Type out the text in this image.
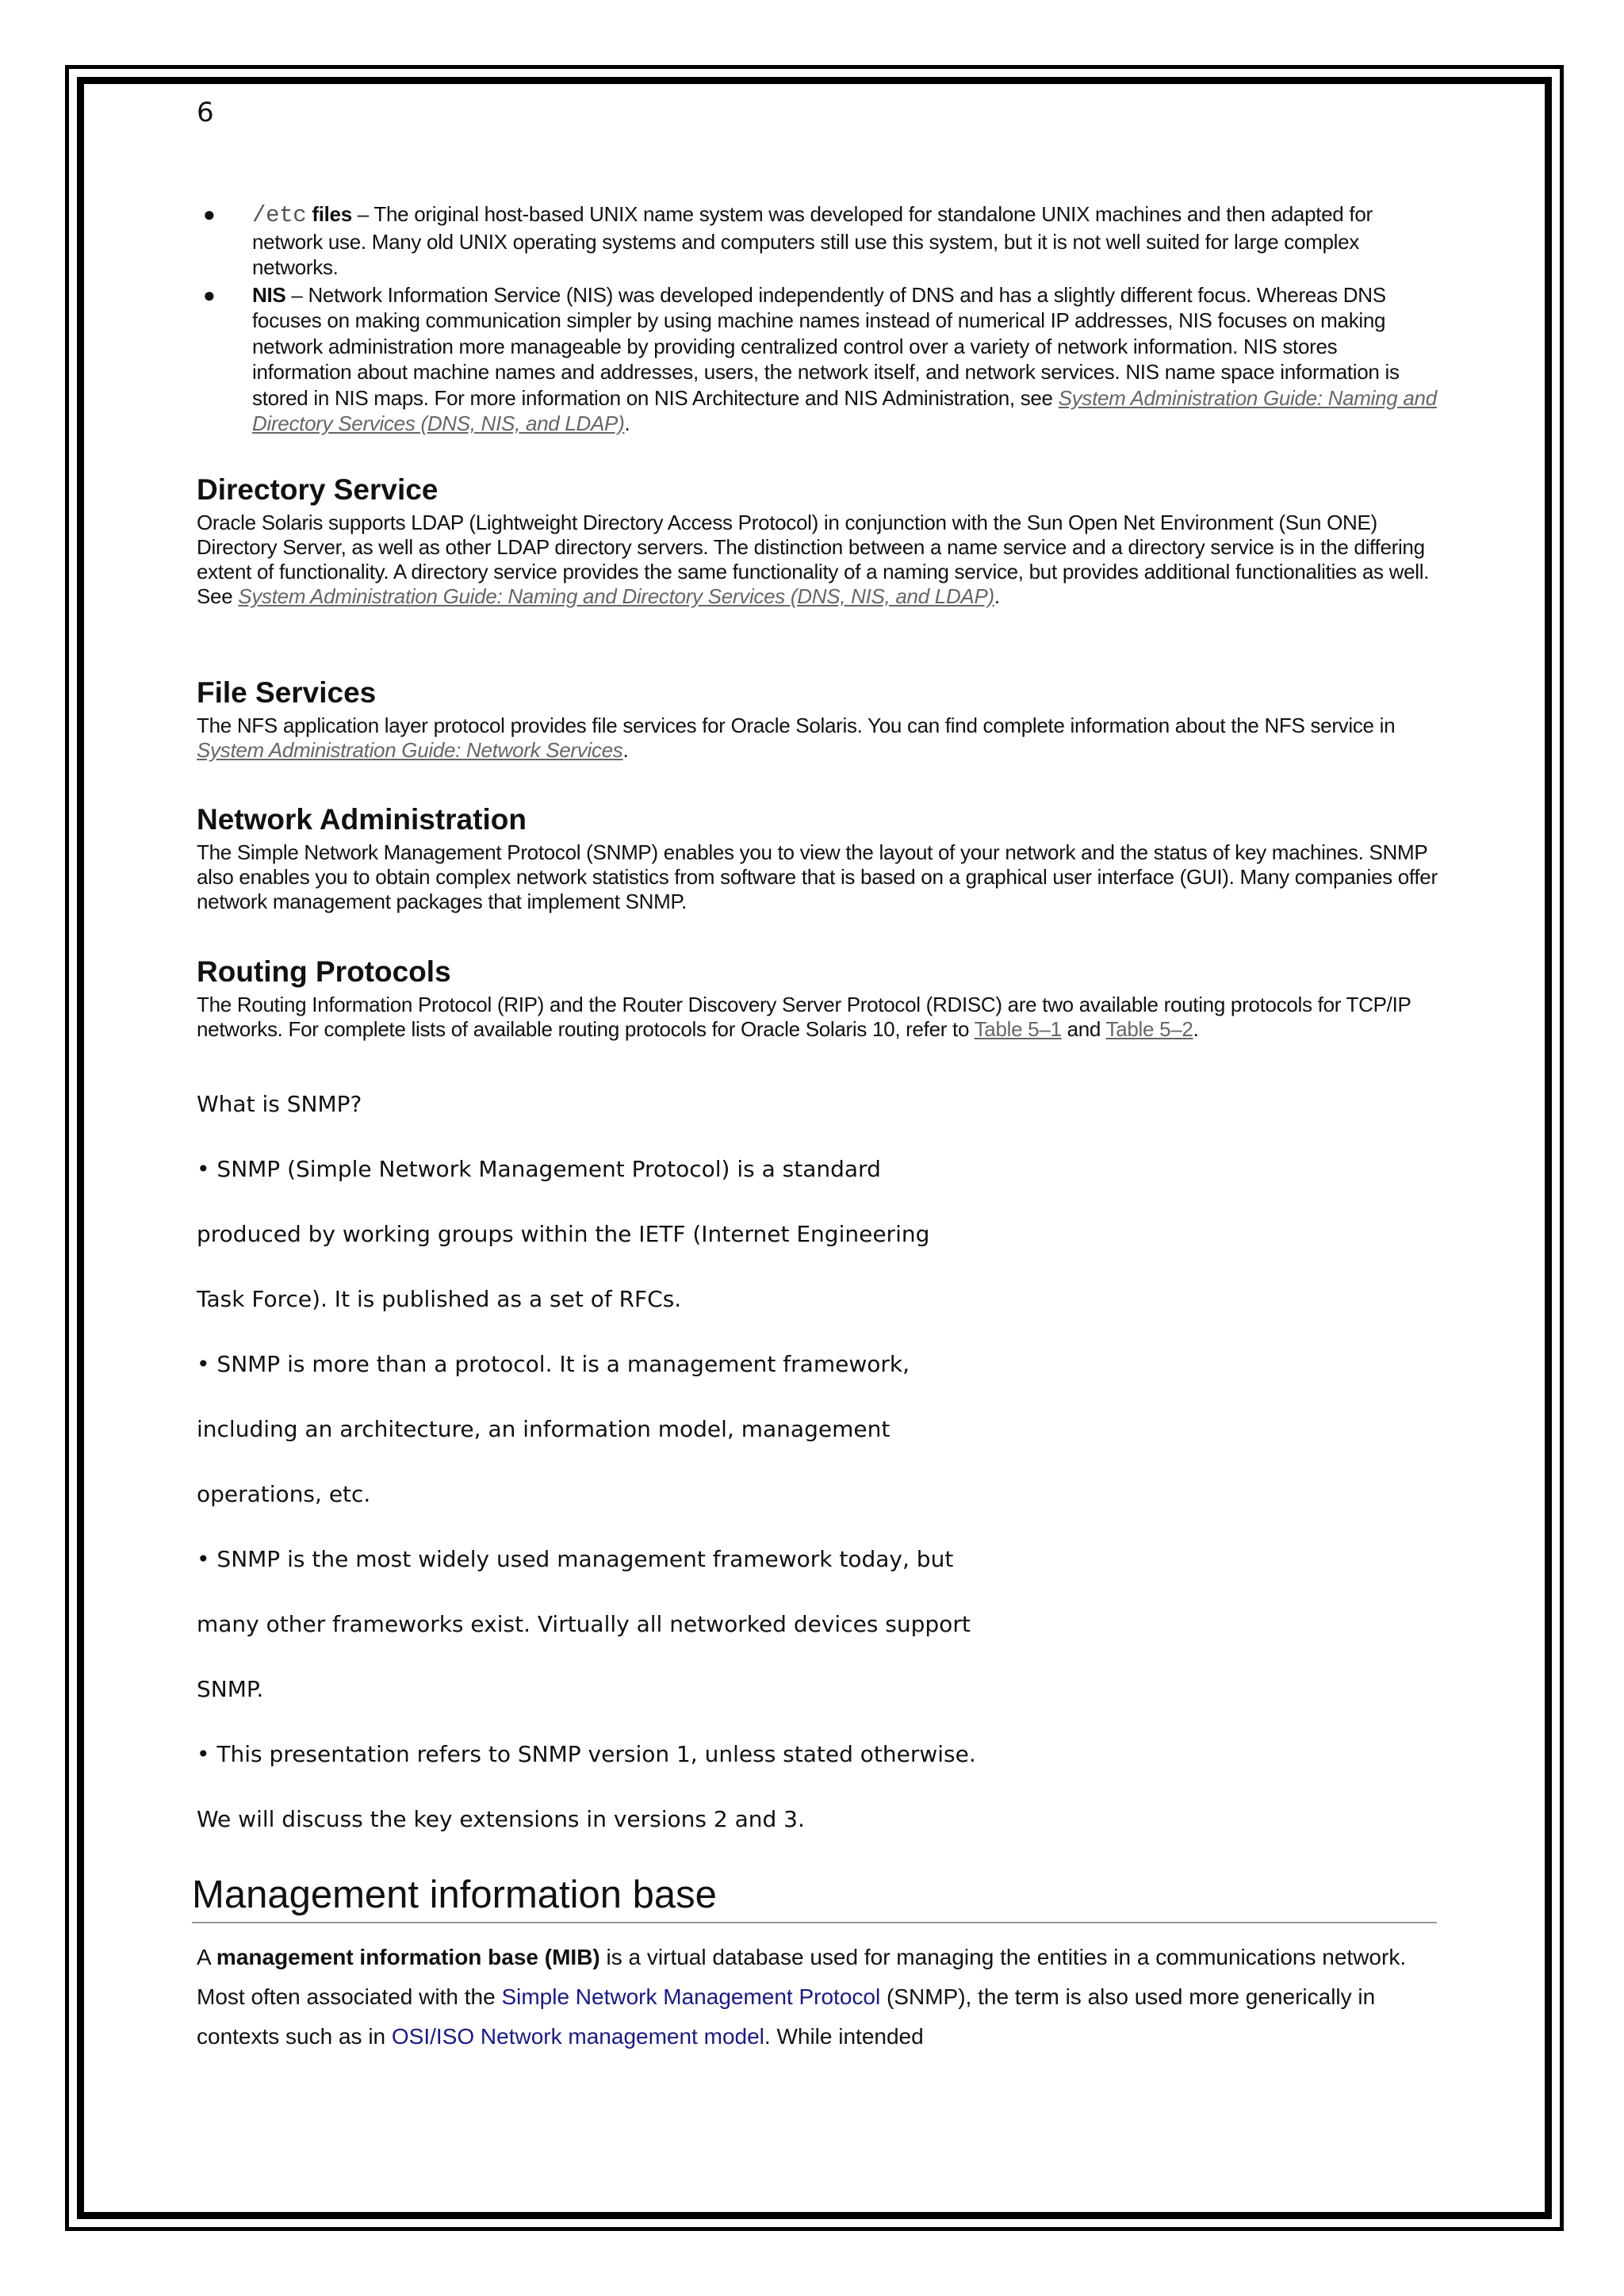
6
● /etc files – The original host-based UNIX name system was developed for standalone UNIX machines and then adapted for network use. Many old UNIX operating systems and computers still use this system, but it is not well suited for large complex networks.
● NIS – Network Information Service (NIS) was developed independently of DNS and has a slightly different focus. Whereas DNS focuses on making communication simpler by using machine names instead of numerical IP addresses, NIS focuses on making network administration more manageable by providing centralized control over a variety of network information. NIS stores information about machine names and addresses, users, the network itself, and network services. NIS name space information is stored in NIS maps. For more information on NIS Architecture and NIS Administration, see System Administration Guide: Naming and Directory Services (DNS, NIS, and LDAP).
Directory Service

Oracle Solaris supports LDAP (Lightweight Directory Access Protocol) in conjunction with the Sun Open Net Environment (Sun ONE) Directory Server, as well as other LDAP directory servers. The distinction between a name service and a directory service is in the differing extent of functionality. A directory service provides the same functionality of a naming service, but provides additional functionalities as well. See System Administration Guide: Naming and Directory Services (DNS, NIS, and LDAP).

File Services

The NFS application layer protocol provides file services for Oracle Solaris. You can find complete information about the NFS service in System Administration Guide: Network Services.

Network Administration

The Simple Network Management Protocol (SNMP) enables you to view the layout of your network and the status of key machines. SNMP also enables you to obtain complex network statistics from software that is based on a graphical user interface (GUI). Many companies offer network management packages that implement SNMP.

Routing Protocols

The Routing Information Protocol (RIP) and the Router Discovery Server Protocol (RDISC) are two available routing protocols for TCP/IP networks. For complete lists of available routing protocols for Oracle Solaris 10, refer to Table 5–1 and Table 5–2.

What is SNMP?
• SNMP (Simple Network Management Protocol) is a standard
produced by working groups within the IETF (Internet Engineering
Task Force). It is published as a set of RFCs.
• SNMP is more than a protocol. It is a management framework,
including an architecture, an information model, management
operations, etc.
• SNMP is the most widely used management framework today, but
many other frameworks exist. Virtually all networked devices support
SNMP.
• This presentation refers to SNMP version 1, unless stated otherwise.
We will discuss the key extensions in versions 2 and 3.
Management information base
A management information base (MIB) is a virtual database used for managing the entities in a communications network. Most often associated with the Simple Network Management Protocol (SNMP), the term is also used more generically in contexts such as in OSI/ISO Network management model. While intended
